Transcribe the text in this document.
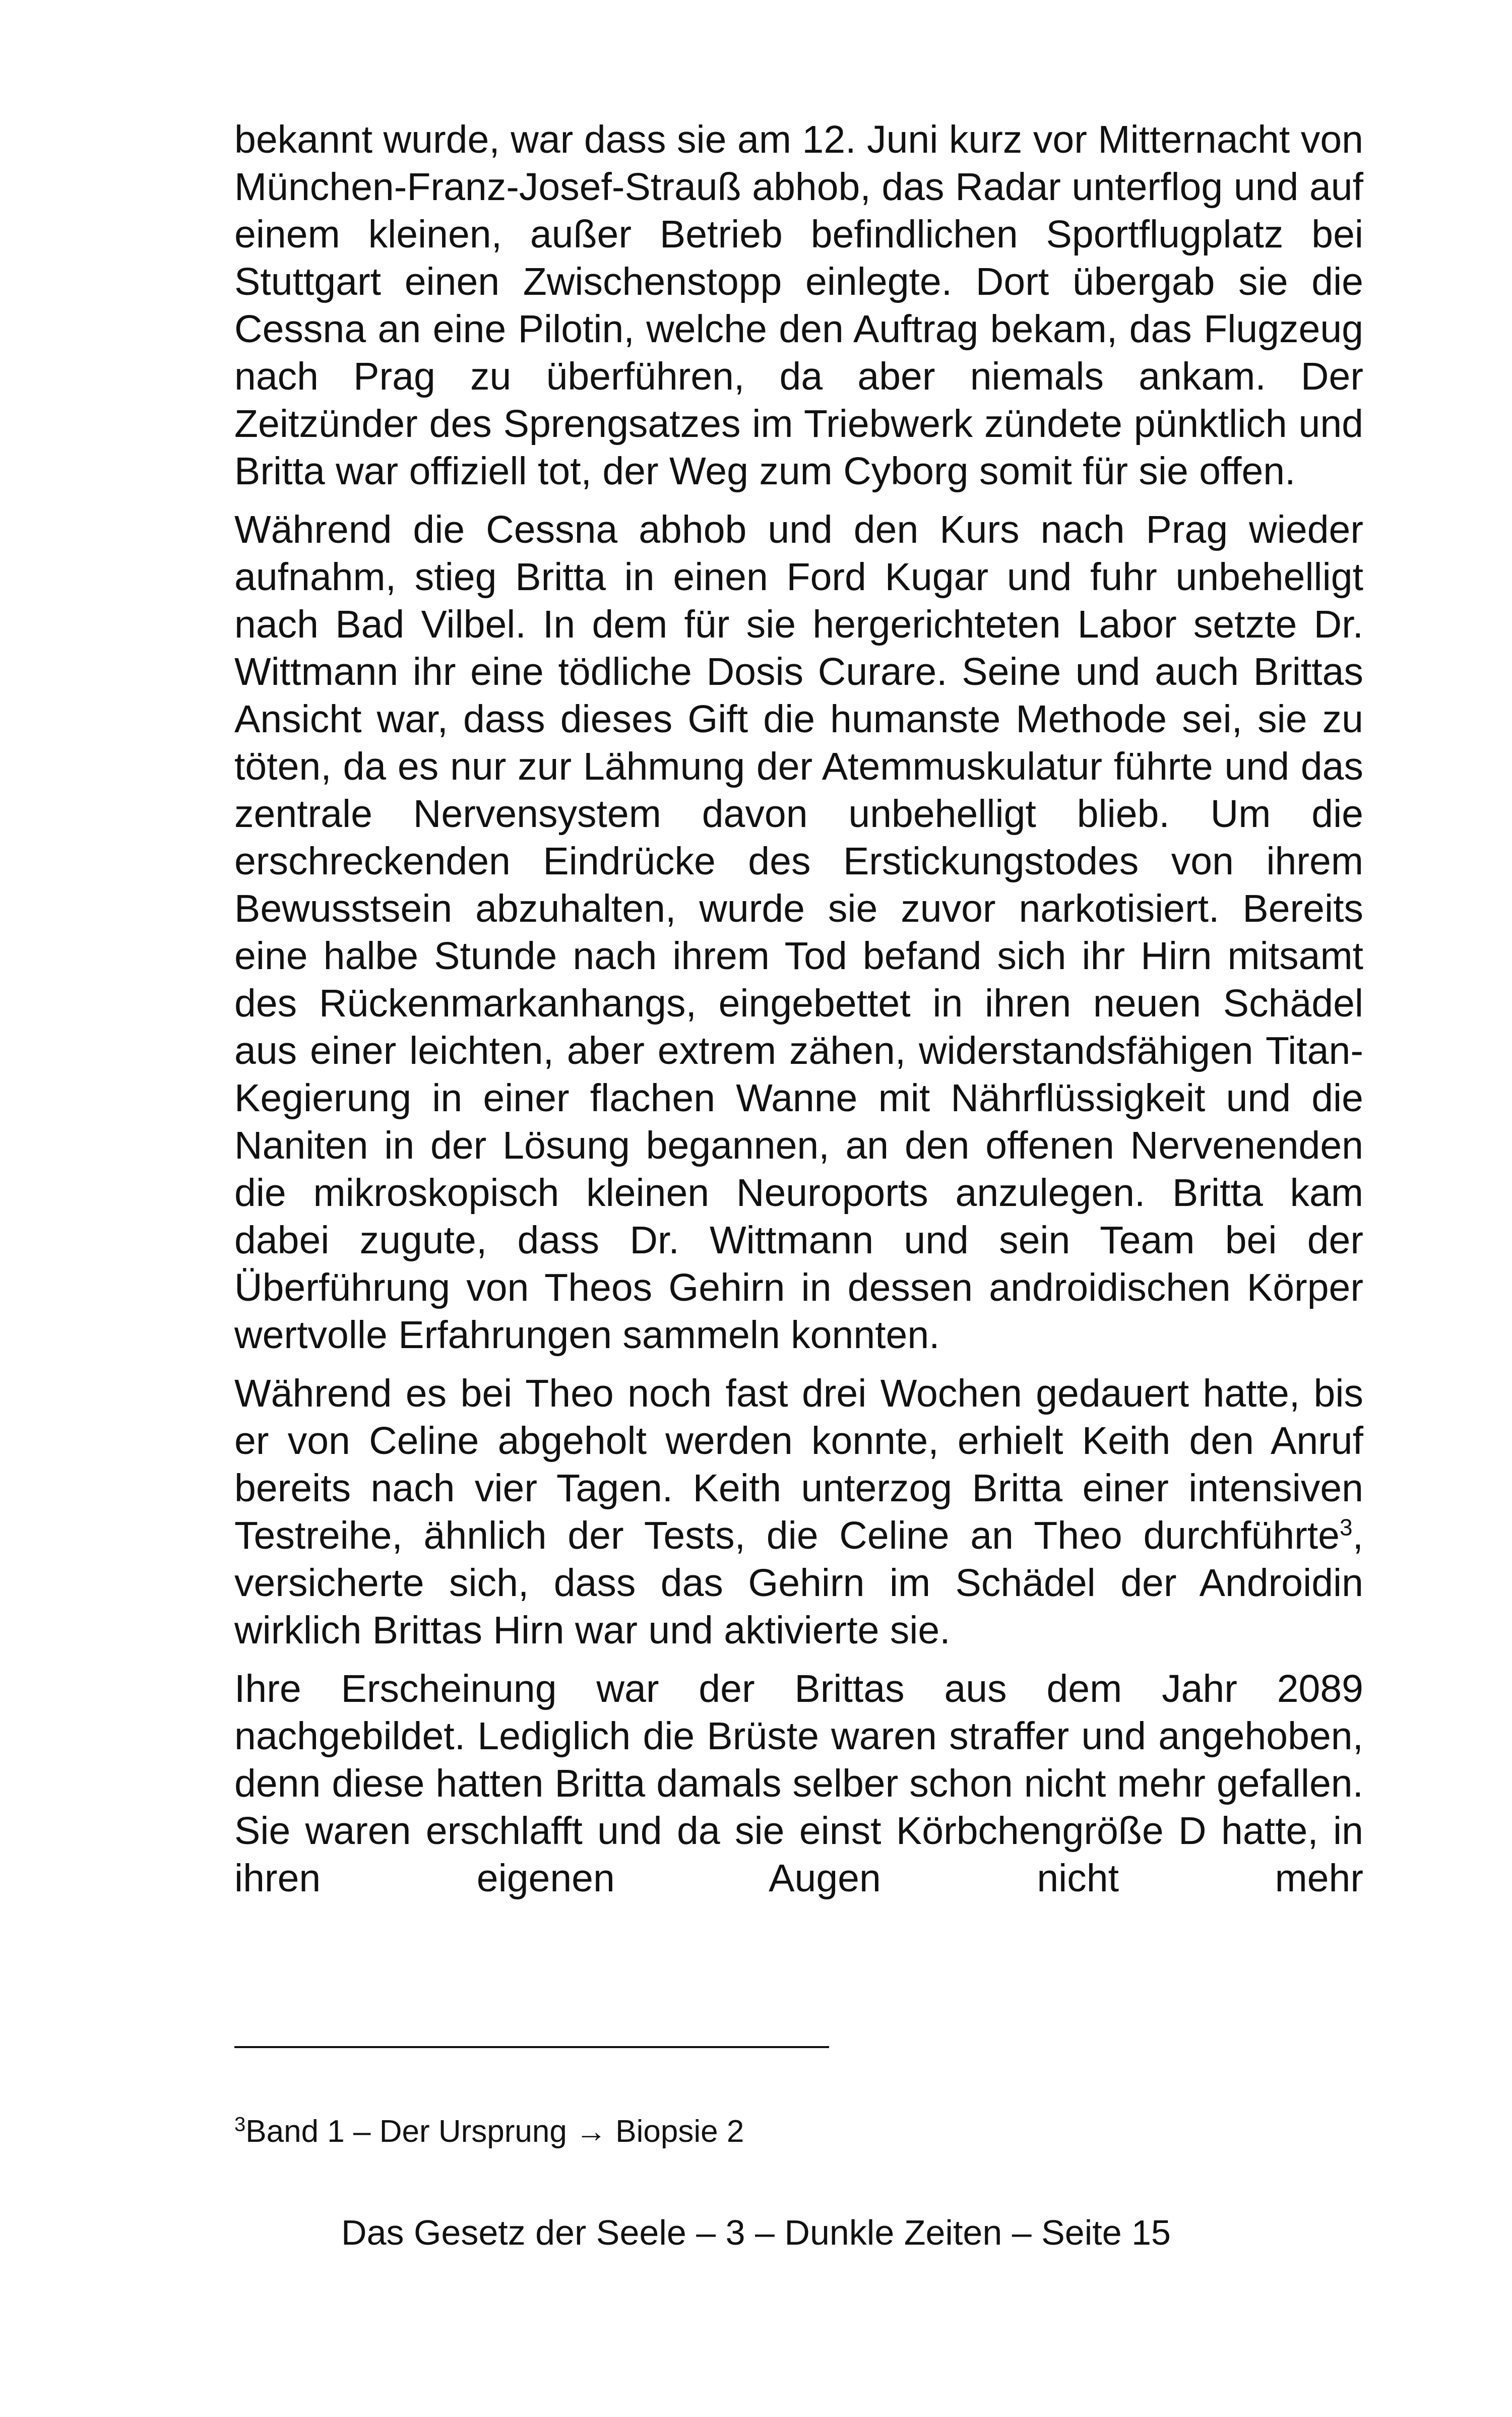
bekannt wurde, war dass sie am 12. Juni kurz vor Mitternacht von München-Franz-Josef-Strauß abhob, das Radar unterflog und auf einem kleinen, außer Betrieb befindlichen Sportflugplatz bei Stuttgart einen Zwischenstopp einlegte. Dort übergab sie die Cessna an eine Pilotin, welche den Auftrag bekam, das Flugzeug nach Prag zu überführen, da aber niemals ankam. Der Zeitzünder des Sprengsatzes im Triebwerk zündete pünktlich und Britta war offiziell tot, der Weg zum Cyborg somit für sie offen.

Während die Cessna abhob und den Kurs nach Prag wieder aufnahm, stieg Britta in einen Ford Kugar und fuhr unbehelligt nach Bad Vilbel. In dem für sie hergerichteten Labor setzte Dr. Wittmann ihr eine tödliche Dosis Curare. Seine und auch Brittas Ansicht war, dass dieses Gift die humanste Methode sei, sie zu töten, da es nur zur Lähmung der Atemmuskulatur führte und das zentrale Nervensystem davon unbehelligt blieb. Um die erschreckenden Eindrücke des Erstickungstodes von ihrem Bewusstsein abzuhalten, wurde sie zuvor narkotisiert. Bereits eine halbe Stunde nach ihrem Tod befand sich ihr Hirn mitsamt des Rückenmarkanhangs, eingebettet in ihren neuen Schädel aus einer leichten, aber extrem zähen, widerstandsfähigen Titan-Kegierung in einer flachen Wanne mit Nährflüssigkeit und die Naniten in der Lösung begannen, an den offenen Nervenenden die mikroskopisch kleinen Neuroports anzulegen. Britta kam dabei zugute, dass Dr. Wittmann und sein Team bei der Überführung von Theos Gehirn in dessen androidischen Körper wertvolle Erfahrungen sammeln konnten.

Während es bei Theo noch fast drei Wochen gedauert hatte, bis er von Celine abgeholt werden konnte, erhielt Keith den Anruf bereits nach vier Tagen. Keith unterzog Britta einer intensiven Testreihe, ähnlich der Tests, die Celine an Theo durchführte$^3$, versicherte sich, dass das Gehirn im Schädel der Androidin wirklich Brittas Hirn war und aktivierte sie.

Ihre Erscheinung war der Brittas aus dem Jahr 2089 nachgebildet. Lediglich die Brüste waren straffer und angehoben, denn diese hatten Britta damals selber schon nicht mehr gefallen. Sie waren erschlafft und da sie einst Körbchengröße D hatte, in ihren eigenen Augen nicht mehr

$^3$Band 1 – Der Ursprung → Biopsie 2
Das Gesetz der Seele – 3 – Dunkle Zeiten – Seite 15
